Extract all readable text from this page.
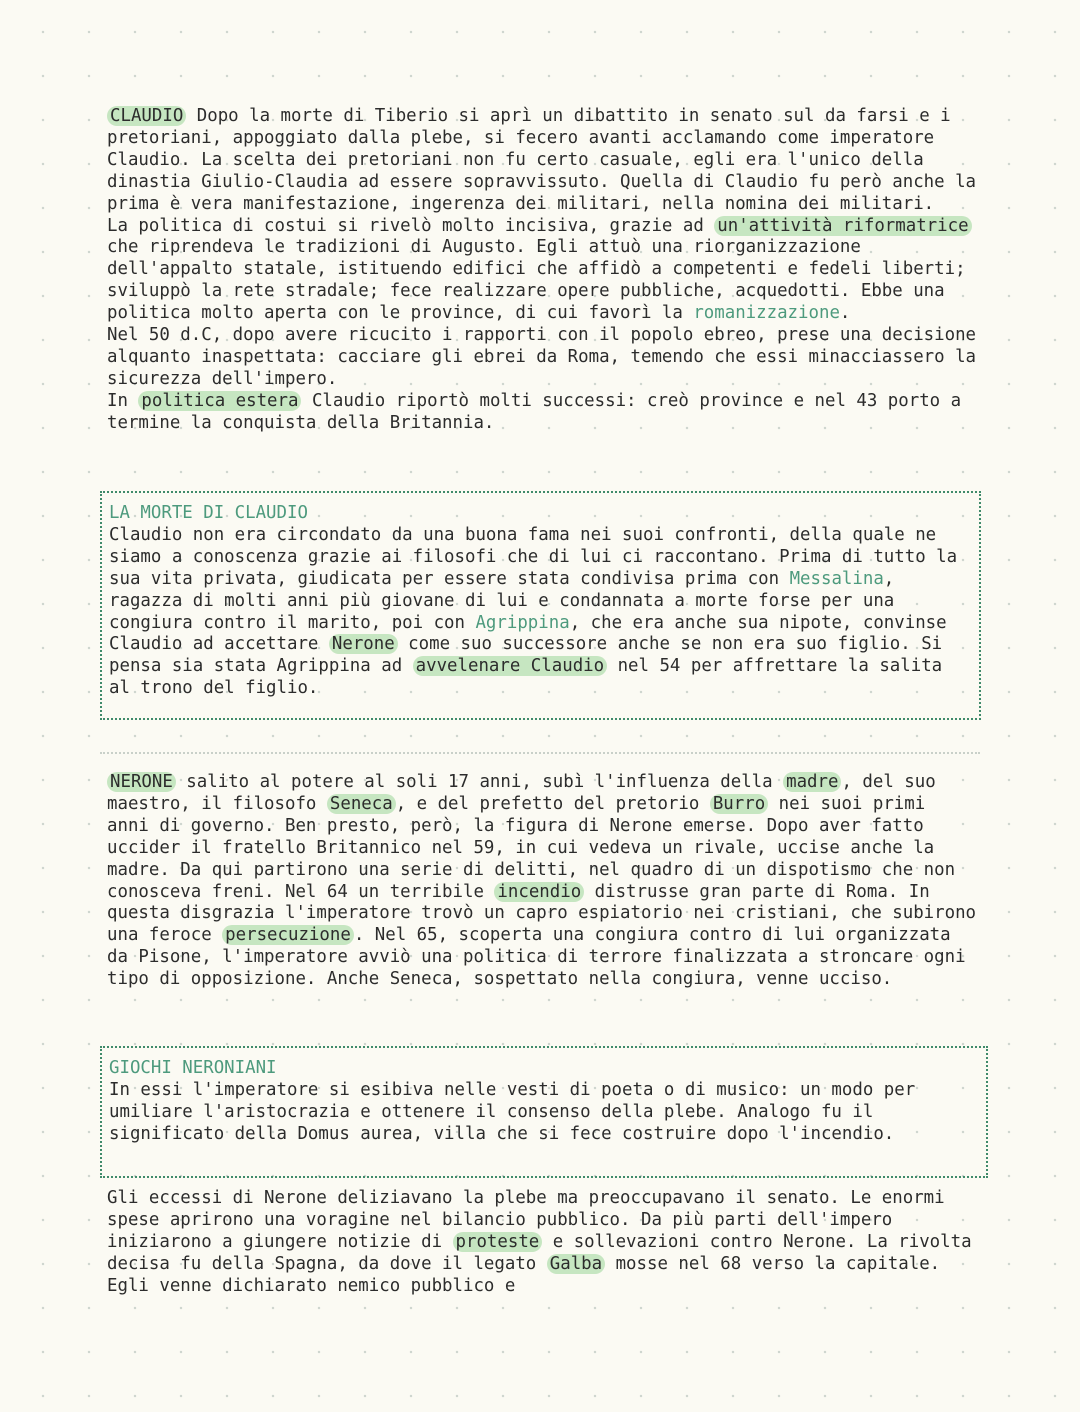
CLAUDIO Dopo la morte di Tiberio si aprì un dibattito in senato sul da farsi e i pretoriani, appoggiato dalla plebe, si fecero avanti acclamando come imperatore Claudio. La scelta dei pretoriani non fu certo casuale, egli era l'unico della dinastia Giulio-Claudia ad essere sopravvissuto. Quella di Claudio fu però anche la prima è vera manifestazione, ingerenza dei militari, nella nomina dei militari.
La politica di costui si rivelò molto incisiva, grazie ad un'attività riformatrice che riprendeva le tradizioni di Augusto. Egli attuò una riorganizzazione dell'appalto statale, istituendo edifici che affidò a competenti e fedeli liberti; sviluppò la rete stradale; fece realizzare opere pubbliche, acquedotti. Ebbe una politica molto aperta con le province, di cui favorì la romanizzazione.
Nel 50 d.C, dopo avere ricucito i rapporti con il popolo ebreo, prese una decisione alquanto inaspettata: cacciare gli ebrei da Roma, temendo che essi minacciassero la sicurezza dell'impero.
In politica estera Claudio riportò molti successi: creò province e nel 43 porto a termine la conquista della Britannia.
LA MORTE DI CLAUDIO
Claudio non era circondato da una buona fama nei suoi confronti, della quale ne siamo a conoscenza grazie ai filosofi che di lui ci raccontano. Prima di tutto la sua vita privata, giudicata per essere stata condivisa prima con Messalina, ragazza di molti anni più giovane di lui e condannata a morte forse per una congiura contro il marito, poi con Agrippina, che era anche sua nipote, convinse Claudio ad accettare Nerone come suo successore anche se non era suo figlio. Si pensa sia stata Agrippina ad avvelenare Claudio nel 54 per affrettare la salita al trono del figlio.
NERONE salito al potere al soli 17 anni, subì l'influenza della madre , del suo maestro, il filosofo Seneca , e del prefetto del pretorio Burro nei suoi primi anni di governo. Ben presto, però, la figura di Nerone emerse. Dopo aver fatto uccider il fratello Britannico nel 59, in cui vedeva un rivale, uccise anche la madre. Da qui partirono una serie di delitti, nel quadro di un dispotismo che non conosceva freni. Nel 64 un terribile incendio distrusse gran parte di Roma. In questa disgrazia l'imperatore trovò un capro espiatorio nei cristiani, che subirono una feroce persecuzione . Nel 65, scoperta una congiura contro di lui organizzata da Pisone, l'imperatore avviò una politica di terrore finalizzata a stroncare ogni tipo di opposizione. Anche Seneca, sospettato nella congiura, venne ucciso.
GIOCHI NERONIANI
In essi l'imperatore si esibiva nelle vesti di poeta o di musico: un modo per umiliare l'aristocrazia e ottenere il consenso della plebe. Analogo fu il significato della Domus aurea, villa che si fece costruire dopo l'incendio.
Gli eccessi di Nerone deliziavano la plebe ma preoccupavano il senato. Le enormi spese aprirono una voragine nel bilancio pubblico. Da più parti dell'impero iniziarono a giungere notizie di proteste e sollevazioni contro Nerone. La rivolta decisa fu della Spagna, da dove il legato Galba mosse nel 68 verso la capitale. Egli venne dichiarato nemico pubblico e
